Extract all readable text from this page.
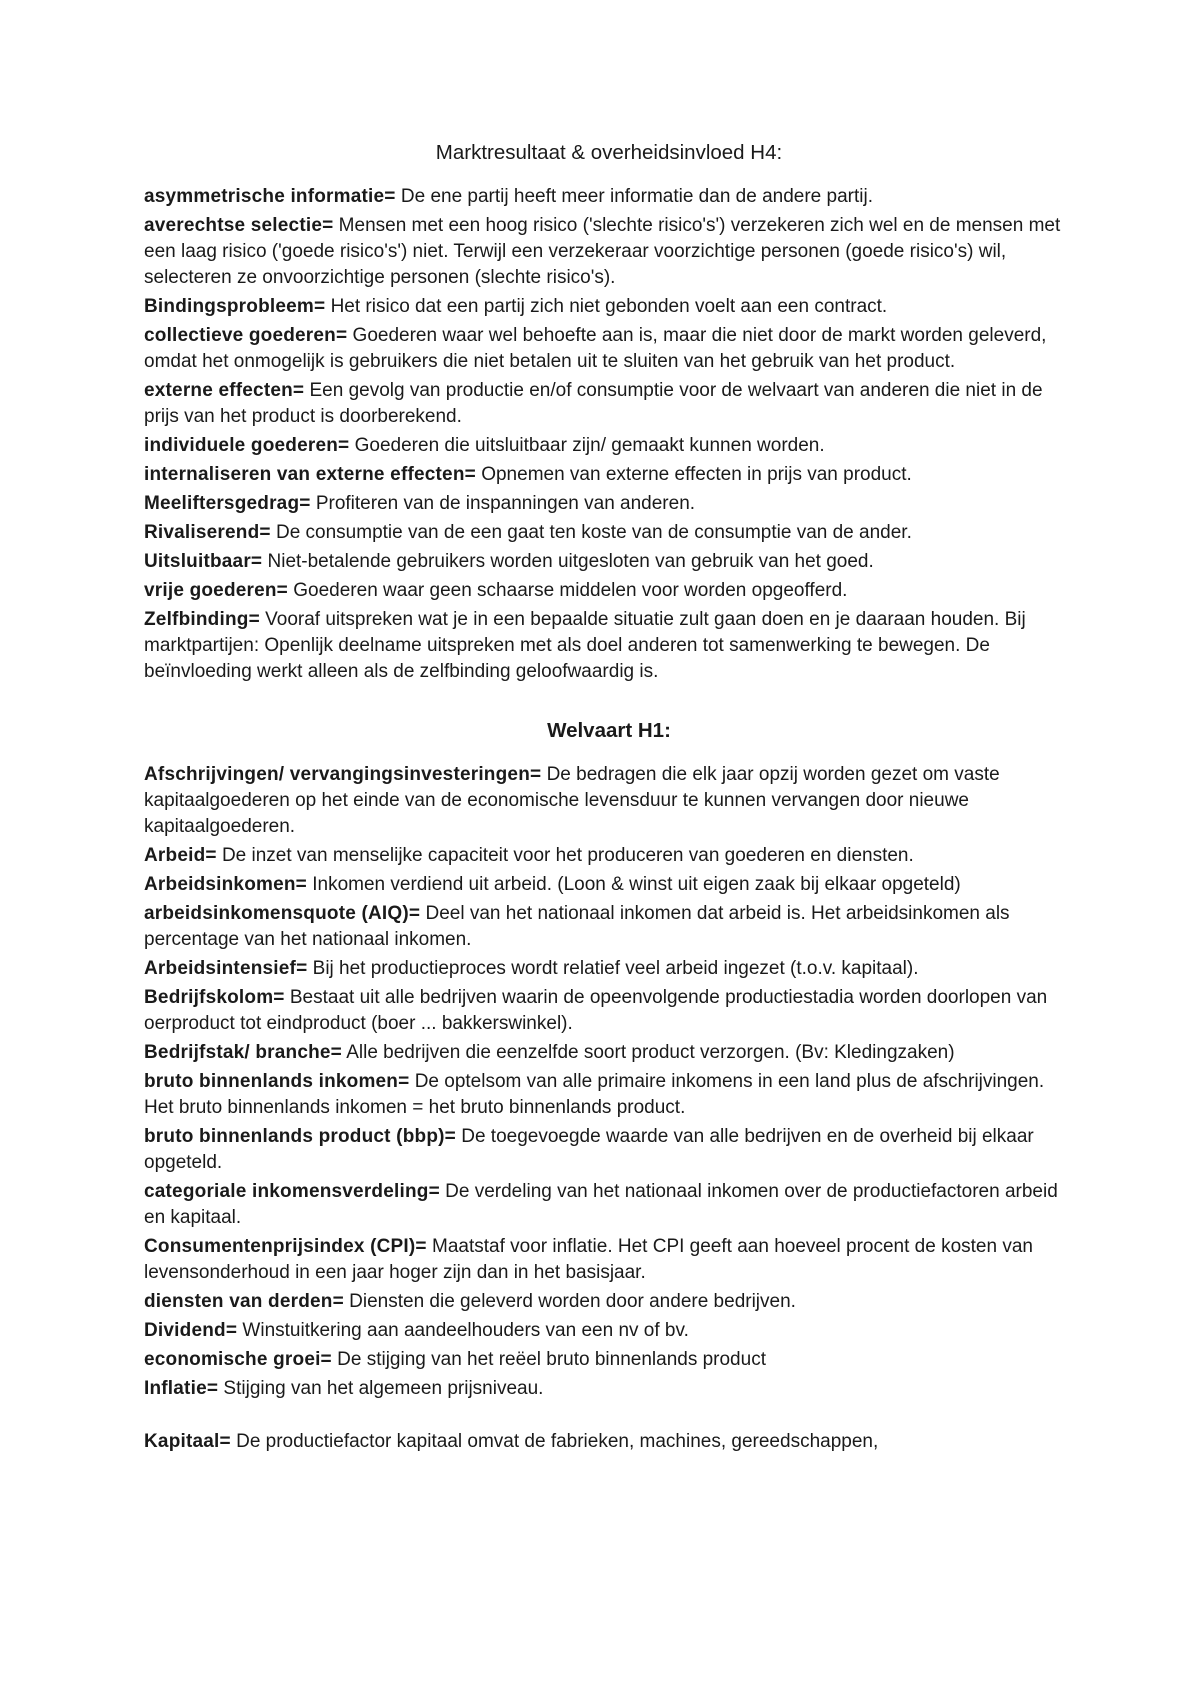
Marktresultaat & overheidsinvloed H4:

asymmetrische informatie= De ene partij heeft meer informatie dan de andere partij.

averechtse selectie= Mensen met een hoog risico ('slechte risico's') verzekeren zich wel en de mensen met een laag risico ('goede risico's') niet. Terwijl een verzekeraar voorzichtige personen (goede risico's) wil, selecteren ze onvoorzichtige personen (slechte risico's).

Bindingsprobleem= Het risico dat een partij zich niet gebonden voelt aan een contract.

collectieve goederen= Goederen waar wel behoefte aan is, maar die niet door de markt worden geleverd, omdat het onmogelijk is gebruikers die niet betalen uit te sluiten van het gebruik van het product.

externe effecten= Een gevolg van productie en/of consumptie voor de welvaart van anderen die niet in de prijs van het product is doorberekend.

individuele goederen= Goederen die uitsluitbaar zijn/ gemaakt kunnen worden.

internaliseren van externe effecten= Opnemen van externe effecten in prijs van product.

Meeliftersgedrag= Profiteren van de inspanningen van anderen.

Rivaliserend= De consumptie van de een gaat ten koste van de consumptie van de ander.

Uitsluitbaar= Niet-betalende gebruikers worden uitgesloten van gebruik van het goed.

vrije goederen= Goederen waar geen schaarse middelen voor worden opgeofferd.

Zelfbinding= Vooraf uitspreken wat je in een bepaalde situatie zult gaan doen en je daaraan houden. Bij marktpartijen: Openlijk deelname uitspreken met als doel anderen tot samenwerking te bewegen. De beïnvloeding werkt alleen als de zelfbinding geloofwaardig is.

Welvaart H1:

Afschrijvingen/ vervangingsinvesteringen= De bedragen die elk jaar opzij worden gezet om vaste kapitaalgoederen op het einde van de economische levensduur te kunnen vervangen door nieuwe kapitaalgoederen.

Arbeid= De inzet van menselijke capaciteit voor het produceren van goederen en diensten.

Arbeidsinkomen= Inkomen verdiend uit arbeid. (Loon & winst uit eigen zaak bij elkaar opgeteld)

arbeidsinkomensquote (AIQ)= Deel van het nationaal inkomen dat arbeid is. Het arbeidsinkomen als percentage van het nationaal inkomen.

Arbeidsintensief= Bij het productieproces wordt relatief veel arbeid ingezet (t.o.v. kapitaal).

Bedrijfskolom= Bestaat uit alle bedrijven waarin de opeenvolgende productiestadia worden doorlopen van oerproduct tot eindproduct (boer ... bakkerswinkel).

Bedrijfstak/ branche= Alle bedrijven die eenzelfde soort product verzorgen. (Bv: Kledingzaken)

bruto binnenlands inkomen= De optelsom van alle primaire inkomens in een land plus de afschrijvingen. Het bruto binnenlands inkomen = het bruto binnenlands product.

bruto binnenlands product (bbp)= De toegevoegde waarde van alle bedrijven en de overheid bij elkaar opgeteld.

categoriale inkomensverdeling= De verdeling van het nationaal inkomen over de productiefactoren arbeid en kapitaal.

Consumentenprijsindex (CPI)= Maatstaf voor inflatie. Het CPI geeft aan hoeveel procent de kosten van levensonderhoud in een jaar hoger zijn dan in het basisjaar.

diensten van derden= Diensten die geleverd worden door andere bedrijven.

Dividend= Winstuitkering aan aandeelhouders van een nv of bv.

economische groei= De stijging van het reëel bruto binnenlands product

Inflatie= Stijging van het algemeen prijsniveau.

Kapitaal= De productiefactor kapitaal omvat de fabrieken, machines, gereedschappen,
